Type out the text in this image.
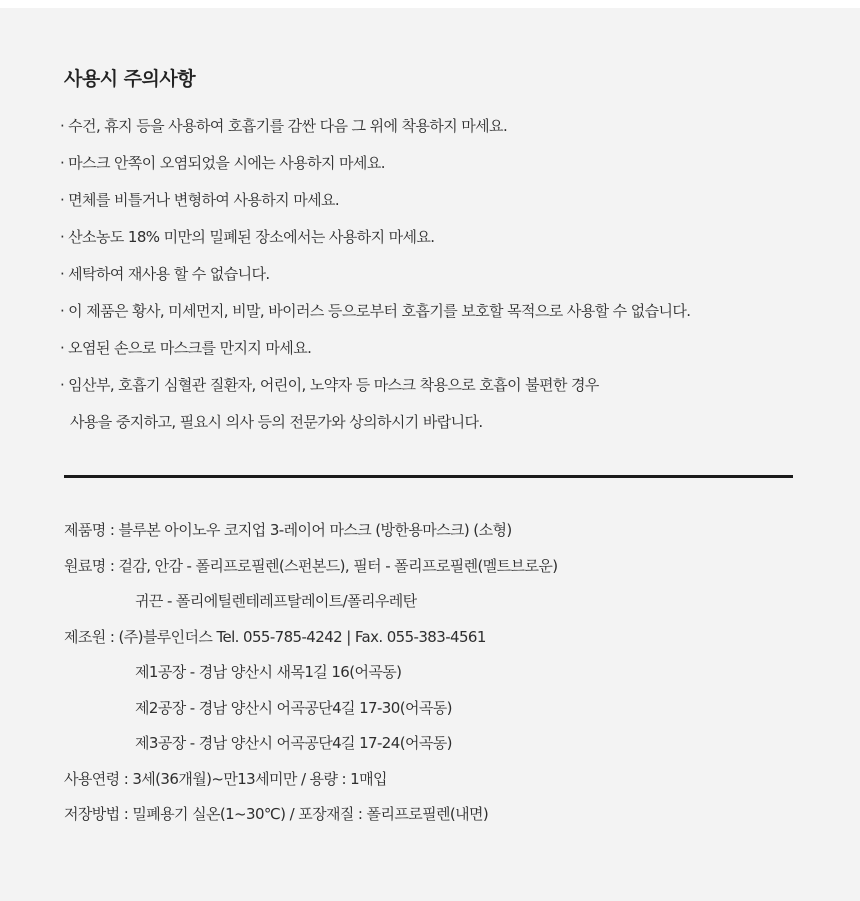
사용시 주의사항
· 수건, 휴지 등을 사용하여 호흡기를 감싼 다음 그 위에 착용하지 마세요.
· 마스크 안쪽이 오염되었을 시에는 사용하지 마세요.
· 면체를 비틀거나 변형하여 사용하지 마세요.
· 산소농도 18% 미만의 밀폐된 장소에서는 사용하지 마세요.
· 세탁하여 재사용 할 수 없습니다.
· 이 제품은 황사, 미세먼지, 비말, 바이러스 등으로부터 호흡기를 보호할 목적으로 사용할 수 없습니다.
· 오염된 손으로 마스크를 만지지 마세요.
· 임산부, 호흡기 심혈관 질환자, 어린이, 노약자 등 마스크 착용으로 호흡이 불편한 경우
사용을 중지하고, 필요시 의사 등의 전문가와 상의하시기 바랍니다.
제품명 : 블루본 아이노우 코지업 3-레이어 마스크 (방한용마스크) (소형)
원료명 : 겉감, 안감 - 폴리프로필렌(스펀본드), 필터 - 폴리프로필렌(멜트브로운)
귀끈 - 폴리에틸렌테레프탈레이트/폴리우레탄
제조원 : (주)블루인더스 Tel. 055-785-4242 | Fax. 055-383-4561
제1공장 - 경남 양산시 새목1길 16(어곡동)
제2공장 - 경남 양산시 어곡공단4길 17-30(어곡동)
제3공장 - 경남 양산시 어곡공단4길 17-24(어곡동)
사용연령 : 3세(36개월)~만13세미만 / 용량 : 1매입
저장방법 : 밀폐용기 실온(1~30℃) / 포장재질 : 폴리프로필렌(내면)
